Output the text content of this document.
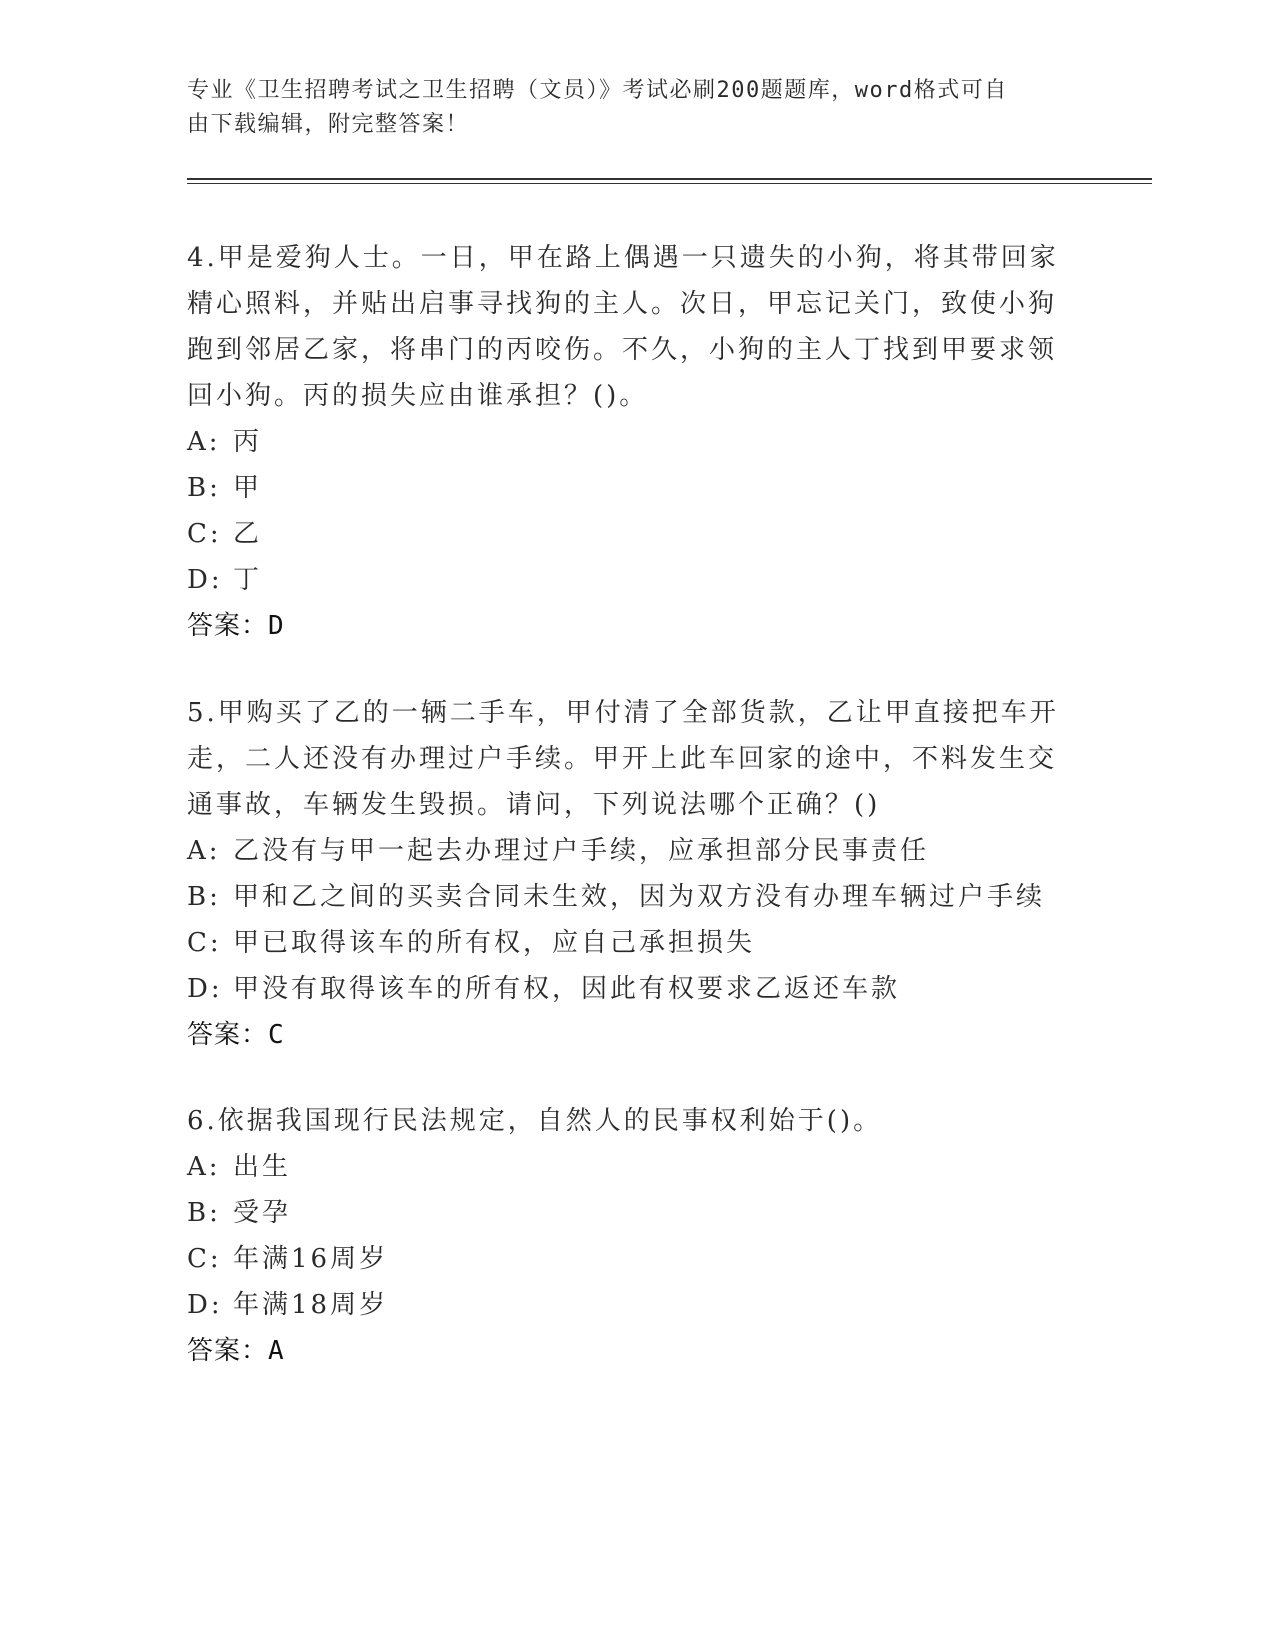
专业《卫生招聘考试之卫生招聘（文员）》考试必刷200题题库，word格式可自
由下载编辑，附完整答案！

4.甲是爱狗人士。一日，甲在路上偶遇一只遗失的小狗，将其带回家

精心照料，并贴出启事寻找狗的主人。次日，甲忘记关门，致使小狗

跑到邻居乙家，将串门的丙咬伤。不久，小狗的主人丁找到甲要求领

回小狗。丙的损失应由谁承担？()。

A: 丙

B: 甲

C: 乙

D: 丁

答案：D

5.甲购买了乙的一辆二手车，甲付清了全部货款，乙让甲直接把车开

走，二人还没有办理过户手续。甲开上此车回家的途中，不料发生交

通事故，车辆发生毁损。请问，下列说法哪个正确？()

A: 乙没有与甲一起去办理过户手续，应承担部分民事责任

B: 甲和乙之间的买卖合同未生效，因为双方没有办理车辆过户手续

C: 甲已取得该车的所有权，应自己承担损失

D: 甲没有取得该车的所有权，因此有权要求乙返还车款

答案：C

6.依据我国现行民法规定，自然人的民事权利始于()。

A: 出生

B: 受孕

C: 年满16周岁

D: 年满18周岁

答案：A
